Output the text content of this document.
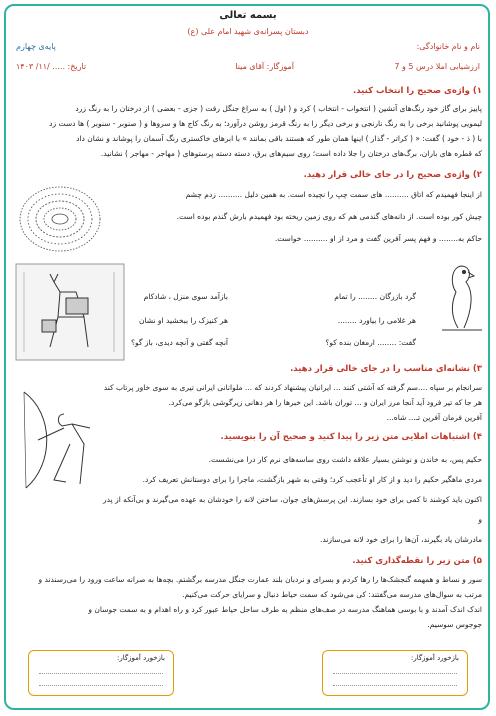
بسمه تعالی
دبستان پسرانه‌ی شهید امام علی (ع)
نام و نام خانوادگی:
پایه‌ی چهارم
ارزشیابی املا درس 5 و 7
آموزگار: آقای مینا
تاریخ: ..... /۱۱/ ۱۴۰۳
۱) واژه‌ی صحیح را انتخاب کنید.
پاییز برای گاز خود رنگ‌های آتشین ( انتخواب - انتخاب ) کرد و ( اول ) به سراغ جنگل رفت ( جزی - بعضی ) از درختان را به رنگ زرد
لیمویی پوشانید برخی را به رنگ نارنجی و برخی دیگر را به رنگ قرمز روشن درآورد؛ به رنگ کاج ها و سروها و ( صنوبر - سنوبر ) ها دست زد
با ( ذ - خود ) گفت: « ( کراتر - گذار ) اینها همان طور که هستند باقی بمانند » با ابرهای خاکستری رنگ آسمان را پوشاند و نشان داد
که قطره های باران، برگ‌های درختان را جلا داده است؛ روی سیم‌های برق، دسته دسته پرستوهای ( مهاجر - مهاجر ) نشانید.
۲) واژه‌ی صحیح را در جای خالی قرار دهید.
از اینجا فهمیدم که اتاق .......... های سمت چپ را نچیده است. به همین دلیل .......... زدم چشم
چیش کور بوده است. از دانه‌های گندمی هم که روی زمین ریخته بود فهمیدم بارش گندم بوده است.
حاکم به........ و فهم پسر آفرین گفت و مرد از او .......... خواست.
گرد بازرگان ........ را تمام
بازآمد سوی منزل ، شادکام
هر غلامی را بیاورد ........
هر کنیزک را ببخشید او نشان
گفت: ........ ارمغان بنده کو؟
آنچه گفتی و آنچه دیدی، باز گو؟
۳) نشانه‌ای مناسب را در جای خالی قرار دهید.
سرانجام بر سپاه ....سم گرفته که آشتی کنند ... ایرانیان پیشنهاد کردند که ... ملوانانی ایرانی تیری به سوی خاور پرتاب کند
هر جا که تیر فرود آید آنجا مرز ایران و ... توران باشد. این خبرها را هر دهانی زیرگوشی بازگو می‌کرد.
آفرین فرمان آفرین تـ... شاه...
۴) اشتباهات املایی متن زیر را پیدا کنید و صحیح آن را بنویسید.
حکیم پس، به خاندن و نوشتن بسیار علاقه داشت روی ساسه‌های نرم کار درا می‌نشست.
مردی ماهگیر حکیم را دید و از کار او تأعجب کرد؛ وقتی به شهر بازگشت، ماجرا را برای دوستانش تعریف کرد.
اکنون باید کوشند تا کمی برای خود بسازند. این پرسش‌های جوان، ساختن لانه را خودشان به عهده می‌گیرند و بی‌آنکه از پدر و
مادرشان یاد بگیرند، آن‌ها را برای خود لانه می‌سازند.
۵) متن زیر را نقطه‌گذاری کنید.
سور و نساط و همهمه گنجشک‌ها را رها کردم و بسرای و نردبان بلند عمارت جنگل مدرسه برگشتم. بچه‌ها به صرانه ساعت ورود را می‌رسندند و
مرتب به سوال‌های مدرسه می‌گفتند: کی می‌شود که سمت حیاط دنبال و سرایای حرکت می‌کنیم.
اندک اندک آمدند و با بوسی هماهنگ مدرسه در صف‌های منظم به طرف ساحل حیاط عبور کرد و راه اهدام و به سمت جوسان و
جوجوس سوسیم.
بازخورد آموزگار:
بازخورد آموزگار:
